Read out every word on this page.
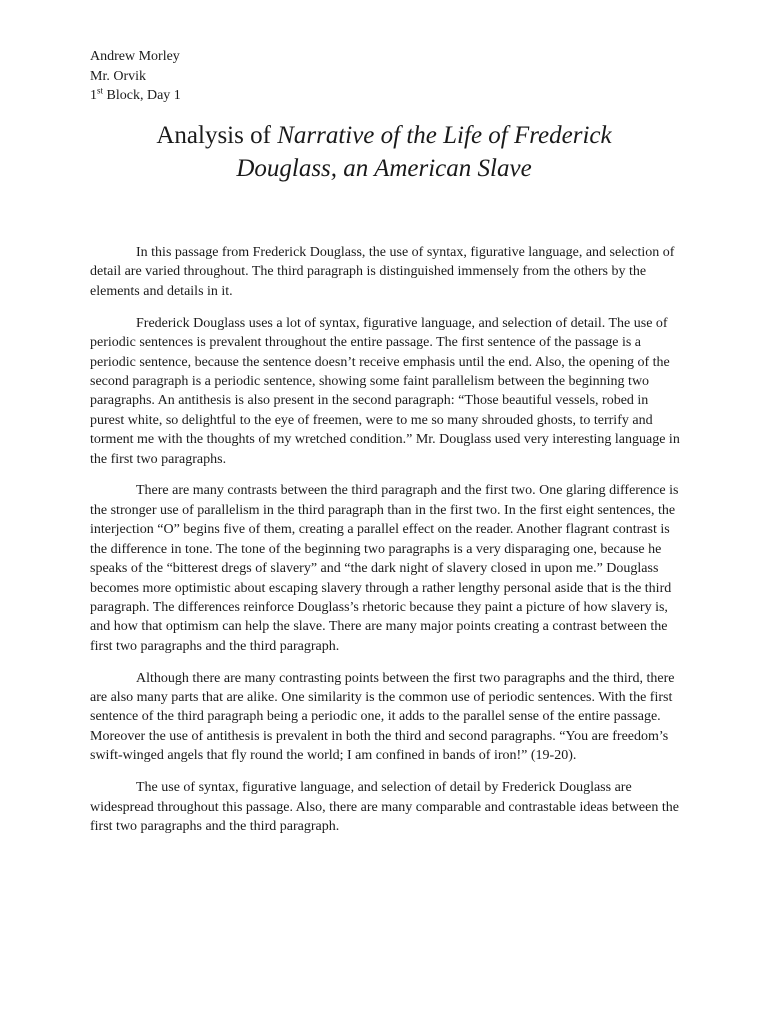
Andrew Morley
Mr. Orvik
1st Block, Day 1
Analysis of Narrative of the Life of Frederick
Douglass, an American Slave

In this passage from Frederick Douglass, the use of syntax, figurative language, and selection of detail are varied throughout. The third paragraph is distinguished immensely from the others by the elements and details in it.

Frederick Douglass uses a lot of syntax, figurative language, and selection of detail. The use of periodic sentences is prevalent throughout the entire passage. The first sentence of the passage is a periodic sentence, because the sentence doesn’t receive emphasis until the end. Also, the opening of the second paragraph is a periodic sentence, showing some faint parallelism between the beginning two paragraphs. An antithesis is also present in the second paragraph: “Those beautiful vessels, robed in purest white, so delightful to the eye of freemen, were to me so many shrouded ghosts, to terrify and torment me with the thoughts of my wretched condition.” Mr. Douglass used very interesting language in the first two paragraphs.

There are many contrasts between the third paragraph and the first two. One glaring difference is the stronger use of parallelism in the third paragraph than in the first two. In the first eight sentences, the interjection “O” begins five of them, creating a parallel effect on the reader. Another flagrant contrast is the difference in tone. The tone of the beginning two paragraphs is a very disparaging one, because he speaks of the “bitterest dregs of slavery” and “the dark night of slavery closed in upon me.” Douglass becomes more optimistic about escaping slavery through a rather lengthy personal aside that is the third paragraph. The differences reinforce Douglass’s rhetoric because they paint a picture of how slavery is, and how that optimism can help the slave. There are many major points creating a contrast between the first two paragraphs and the third paragraph.

Although there are many contrasting points between the first two paragraphs and the third, there are also many parts that are alike. One similarity is the common use of periodic sentences. With the first sentence of the third paragraph being a periodic one, it adds to the parallel sense of the entire passage. Moreover the use of antithesis is prevalent in both the third and second paragraphs. “You are freedom’s swift-winged angels that fly round the world; I am confined in bands of iron!” (19-20).

The use of syntax, figurative language, and selection of detail by Frederick Douglass are widespread throughout this passage. Also, there are many comparable and contrastable ideas between the first two paragraphs and the third paragraph.
